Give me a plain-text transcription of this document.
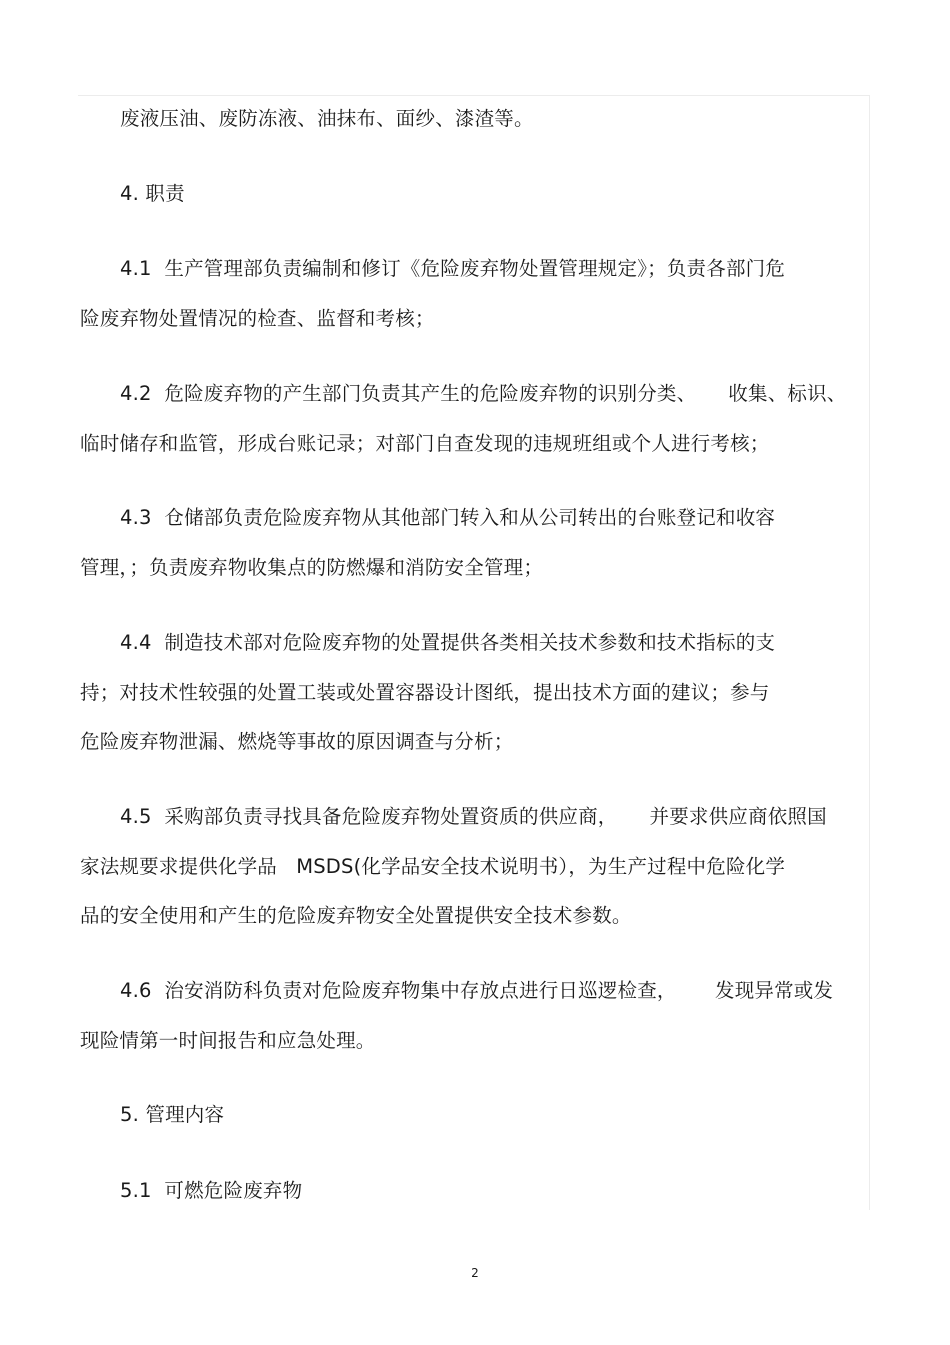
废液压油、废防冻液、油抹布、面纱、漆渣等。
4. 职责
4.1  生产管理部负责编制和修订《危险废弃物处置管理规定》；负责各部门危
险废弃物处置情况的检查、监督和考核；
4.2  危险废弃物的产生部门负责其产生的危险废弃物的识别分类、     收集、标识、
临时储存和监管，形成台账记录；对部门自查发现的违规班组或个人进行考核；
4.3  仓储部负责危险废弃物从其他部门转入和从公司转出的台账登记和收容
管理，；负责废弃物收集点的防燃爆和消防安全管理；
4.4  制造技术部对危险废弃物的处置提供各类相关技术参数和技术指标的支
持；对技术性较强的处置工装或处置容器设计图纸，提出技术方面的建议；参与
危险废弃物泄漏、燃烧等事故的原因调查与分析；
4.5  采购部负责寻找具备危险废弃物处置资质的供应商，     并要求供应商依照国
家法规要求提供化学品   MSDS(化学品安全技术说明书），为生产过程中危险化学
品的安全使用和产生的危险废弃物安全处置提供安全技术参数。
4.6  治安消防科负责对危险废弃物集中存放点进行日巡逻检查，      发现异常或发
现险情第一时间报告和应急处理。
5. 管理内容
5.1  可燃危险废弃物
2
